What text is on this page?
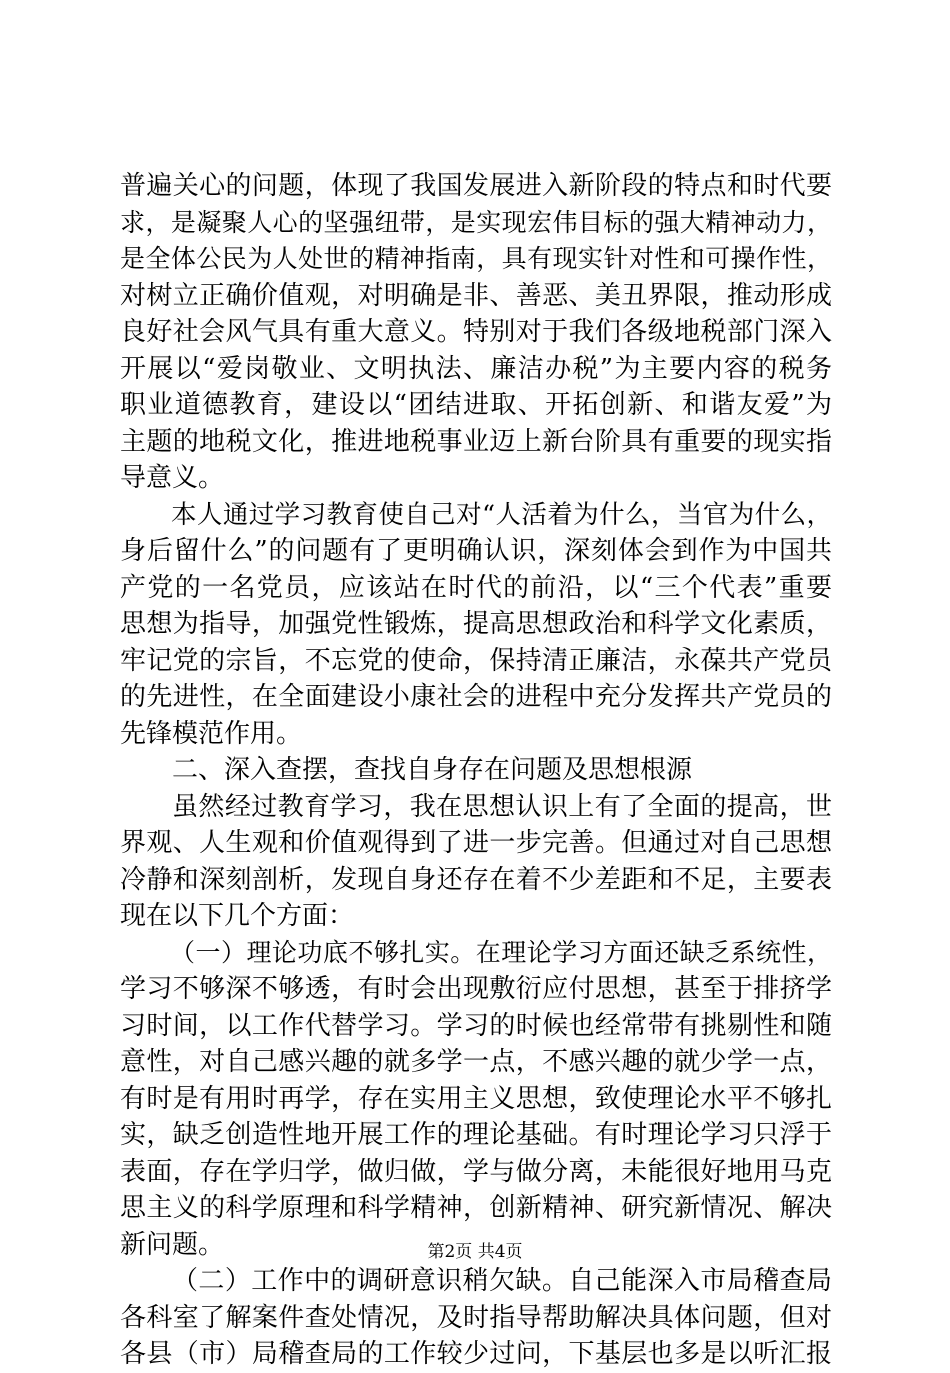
普遍关心的问题，体现了我国发展进入新阶段的特点和时代要
求，是凝聚人心的坚强纽带，是实现宏伟目标的强大精神动力，
是全体公民为人处世的精神指南，具有现实针对性和可操作性，
对树立正确价值观，对明确是非、善恶、美丑界限，推动形成
良好社会风气具有重大意义。特别对于我们各级地税部门深入
开展以“爱岗敬业、文明执法、廉洁办税”为主要内容的税务
职业道德教育，建设以“团结进取、开拓创新、和谐友爱”为
主题的地税文化，推进地税事业迈上新台阶具有重要的现实指
导意义。
本人通过学习教育使自己对“人活着为什么，当官为什么，
身后留什么”的问题有了更明确认识，深刻体会到作为中国共
产党的一名党员，应该站在时代的前沿，以“三个代表”重要
思想为指导，加强党性锻炼，提高思想政治和科学文化素质，
牢记党的宗旨，不忘党的使命，保持清正廉洁，永葆共产党员
的先进性，在全面建设小康社会的进程中充分发挥共产党员的
先锋模范作用。
二、深入查摆，查找自身存在问题及思想根源
虽然经过教育学习，我在思想认识上有了全面的提高，世
界观、人生观和价值观得到了进一步完善。但通过对自己思想
冷静和深刻剖析，发现自身还存在着不少差距和不足，主要表
现在以下几个方面：
（一）理论功底不够扎实。在理论学习方面还缺乏系统性，
学习不够深不够透，有时会出现敷衍应付思想，甚至于排挤学
习时间，以工作代替学习。学习的时候也经常带有挑剔性和随
意性，对自己感兴趣的就多学一点，不感兴趣的就少学一点，
有时是有用时再学，存在实用主义思想，致使理论水平不够扎
实，缺乏创造性地开展工作的理论基础。有时理论学习只浮于
表面，存在学归学，做归做，学与做分离，未能很好地用马克
思主义的科学原理和科学精神，创新精神、研究新情况、解决
新问题。
（二）工作中的调研意识稍欠缺。自己能深入市局稽查局
各科室了解案件查处情况，及时指导帮助解决具体问题，但对
各县（市）局稽查局的工作较少过问，下基层也多是以听汇报
第2页 共4页
